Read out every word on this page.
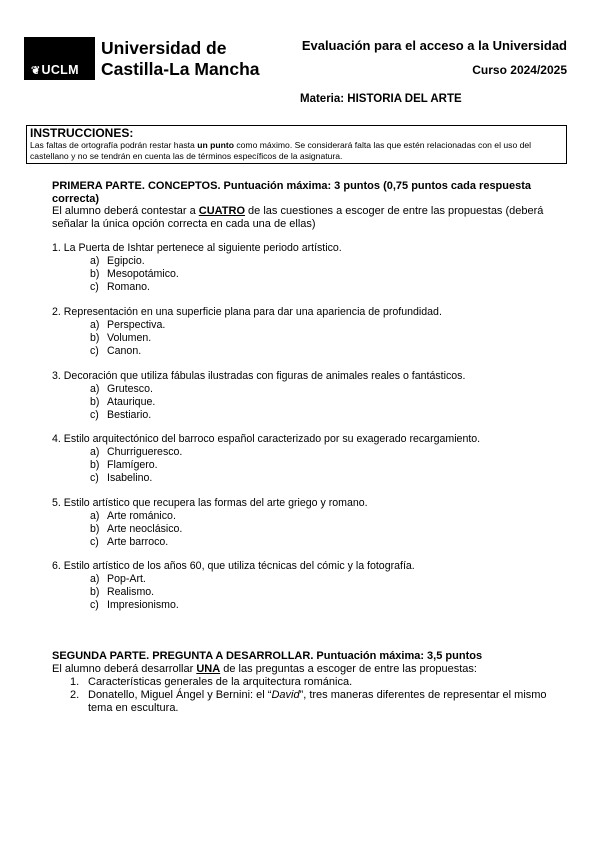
❦UCLM
Universidad de
Castilla-La Mancha
Evaluación para el acceso a la Universidad
Curso 2024/2025
Materia: HISTORIA DEL ARTE
INSTRUCCIONES:
Las faltas de ortografía podrán restar hasta un punto como máximo. Se considerará falta las que estén relacionadas con el uso del castellano y no se tendrán en cuenta las de términos específicos de la asignatura.
PRIMERA PARTE. CONCEPTOS. Puntuación máxima: 3 puntos (0,75 puntos cada respuesta correcta)
El alumno deberá contestar a CUATRO de las cuestiones a escoger de entre las propuestas (deberá señalar la única opción correcta en cada una de ellas)
1. La Puerta de Ishtar pertenece al siguiente periodo artístico.
a) Egipcio.
b) Mesopotámico.
c) Romano.
2. Representación en una superficie plana para dar una apariencia de profundidad.
a) Perspectiva.
b) Volumen.
c) Canon.
3. Decoración que utiliza fábulas ilustradas con figuras de animales reales o fantásticos.
a) Grutesco.
b) Ataurique.
c) Bestiario.
4. Estilo arquitectónico del barroco español caracterizado por su exagerado recargamiento.
a) Churrigueresco.
b) Flamígero.
c) Isabelino.
5. Estilo artístico que recupera las formas del arte griego y romano.
a) Arte románico.
b) Arte neoclásico.
c) Arte barroco.
6. Estilo artístico de los años 60, que utiliza técnicas del cómic y la fotografía.
a) Pop-Art.
b) Realismo.
c) Impresionismo.
SEGUNDA PARTE. PREGUNTA A DESARROLLAR. Puntuación máxima: 3,5 puntos
El alumno deberá desarrollar UNA de las preguntas a escoger de entre las propuestas:
1. Características generales de la arquitectura románica.
2. Donatello, Miguel Ángel y Bernini: el “David”, tres maneras diferentes de representar el mismo
tema en escultura.
